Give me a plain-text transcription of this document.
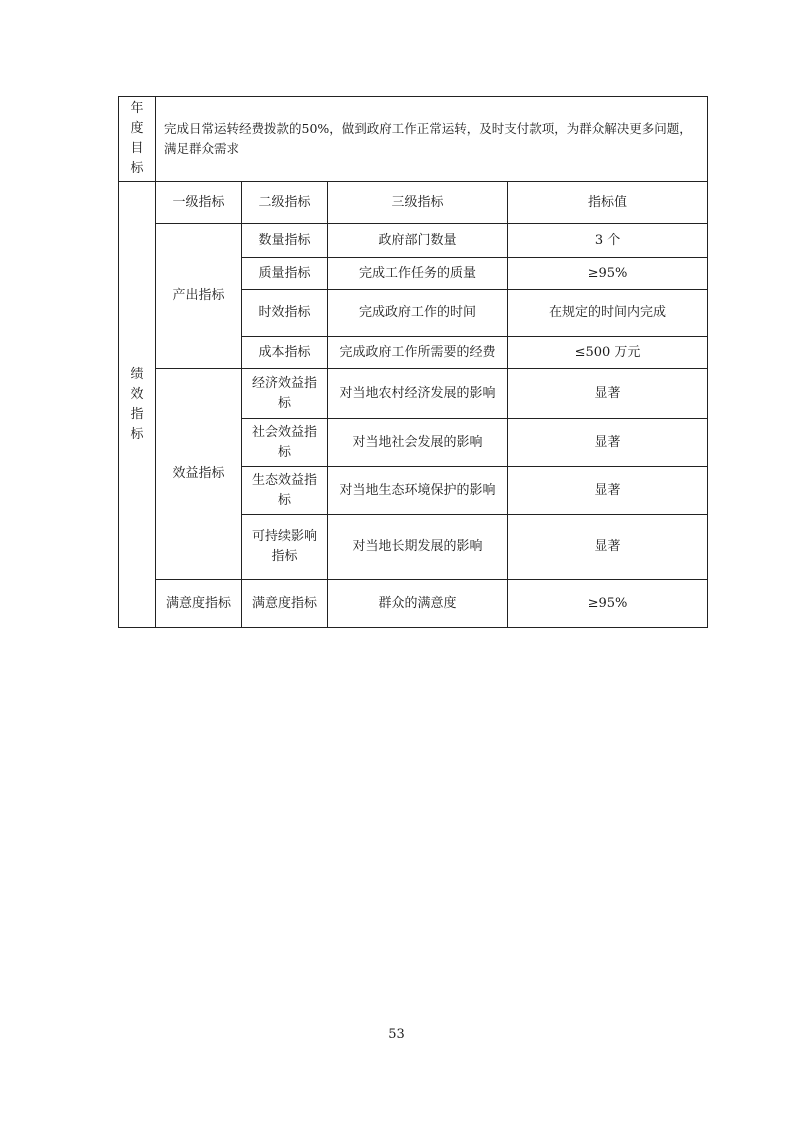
年度目标	完成日常运转经费拨款的50%，做到政府工作正常运转，及时支付款项，为群众解决更多问题，满足群众需求			

绩效指标	一级指标	二级指标	三级指标	指标值
	产出指标	数量指标	政府部门数量	3 个
		质量指标	完成工作任务的质量	≥95%
		时效指标	完成政府工作的时间	在规定的时间内完成
		成本指标	完成政府工作所需要的经费	≤500 万元
	效益指标	经济效益指标	对当地农村经济发展的影响	显著
		社会效益指标	对当地社会发展的影响	显著
		生态效益指标	对当地生态环境保护的影响	显著
		可持续影响指标	对当地长期发展的影响	显著
	满意度指标	满意度指标	群众的满意度	≥95%
53
